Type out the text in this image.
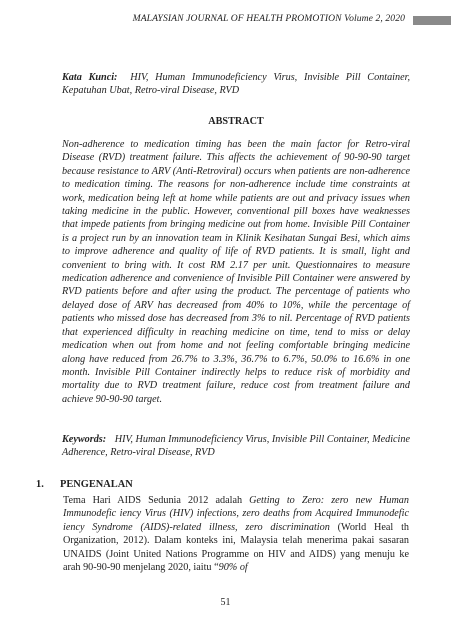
MALAYSIAN JOURNAL OF HEALTH PROMOTION Volume 2, 2020

Kata Kunci: HIV, Human Immunodeficiency Virus, Invisible Pill Container, Kepatuhan Ubat, Retro-viral Disease, RVD

ABSTRACT

Non-adherence to medication timing has been the main factor for Retro-viral Disease (RVD) treatment failure. This affects the achievement of 90-90-90 target because resistance to ARV (Anti-Retroviral) occurs when patients are non-adherence to medication timing. The reasons for non-adherence include time constraints at work, medication being left at home while patients are out and privacy issues when taking medicine in the public. However, conventional pill boxes have weaknesses that impede patients from bringing medicine out from home. Invisible Pill Container is a project run by an innovation team in Klinik Kesihatan Sungai Besi, which aims to improve adherence and quality of life of RVD patients. It is small, light and convenient to bring with. It cost RM 2.17 per unit. Questionnaires to measure medication adherence and convenience of Invisible Pill Container were answered by RVD patients before and after using the product. The percentage of patients who delayed dose of ARV has decreased from 40% to 10%, while the percentage of patients who missed dose has decreased from 3% to nil. Percentage of RVD patients that experienced difficulty in reaching medicine on time, tend to miss or delay medication when out from home and not feeling comfortable bringing medicine along have reduced from 26.7% to 3.3%, 36.7% to 6.7%, 50.0% to 16.6% in one month. Invisible Pill Container indirectly helps to reduce risk of morbidity and mortality due to RVD treatment failure, reduce cost from treatment failure and achieve 90-90-90 target.

Keywords: HIV, Human Immunodeficiency Virus, Invisible Pill Container, Medicine Adherence, Retro-viral Disease, RVD

1. PENGENALAN

Tema Hari AIDS Sedunia 2012 adalah Getting to Zero: zero new Human Immunodefic iency Virus (HIV) infections, zero deaths from Acquired Immunodefic iency Syndrome (AIDS)-related illness, zero discrimination (World Heal th Organization, 2012). Dalam konteks ini, Malaysia telah menerima pakai sasaran UNAIDS (Joint United Nations Programme on HIV and AIDS) yang menuju ke arah 90-90-90 menjelang 2020, iaitu “90% of

51
